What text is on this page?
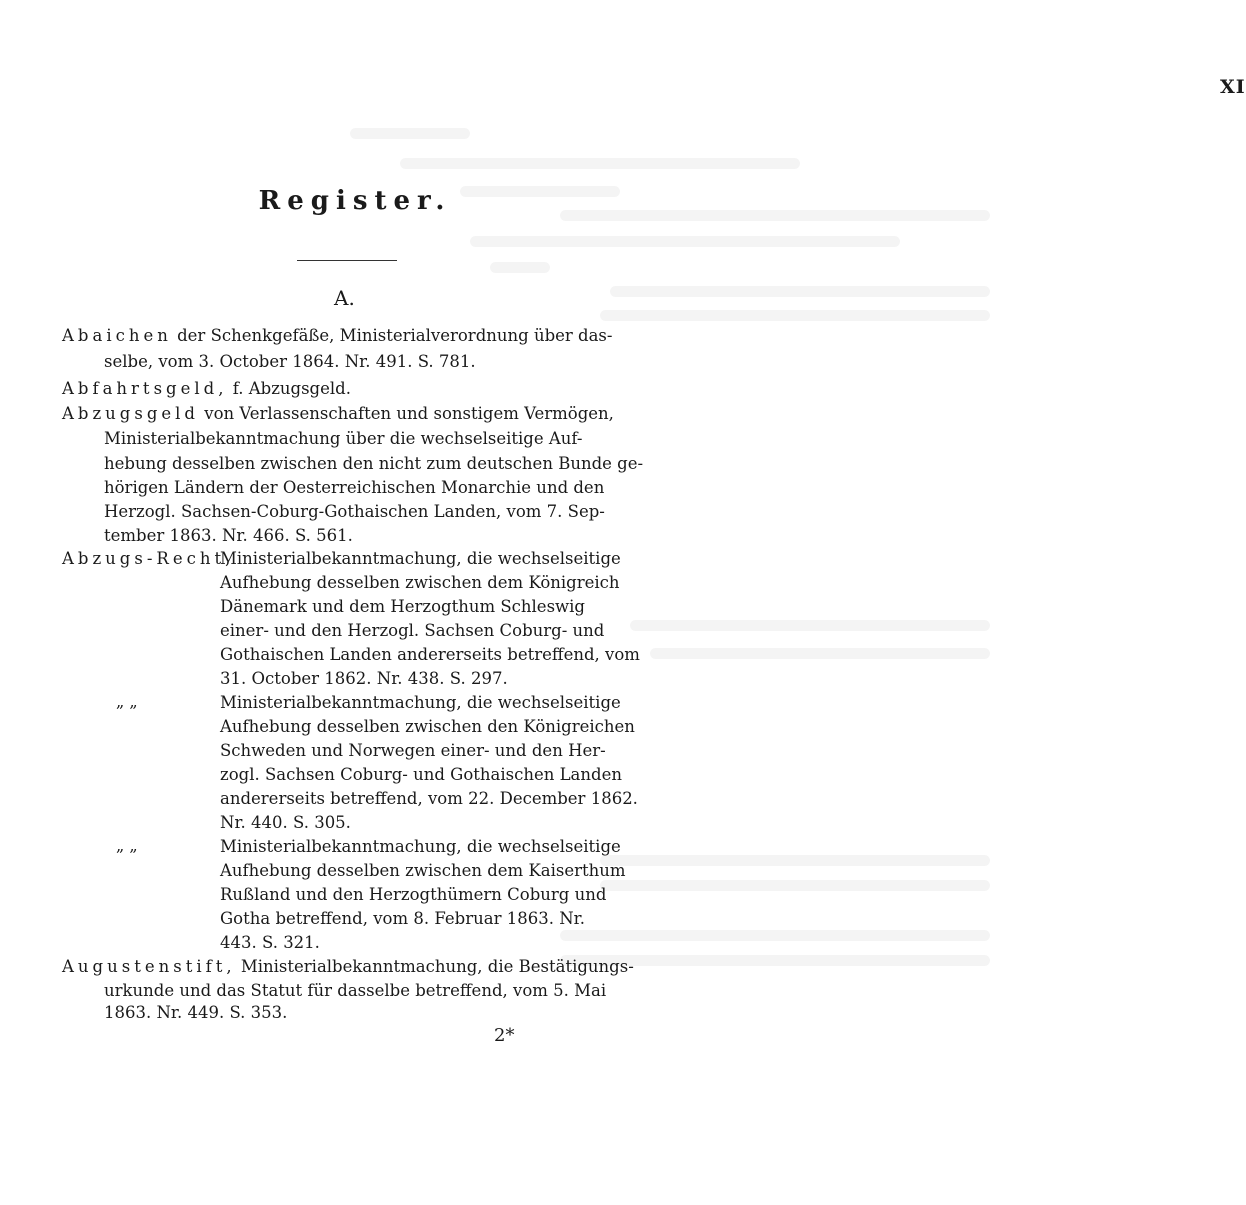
XI
Register.
A.
Abaichen der Schenkgefäße, Ministerialverordnung über das-
selbe, vom 3. October 1864. Nr. 491. S. 781.
Abfahrtsgeld, f. Abzugsgeld.
Abzugsgeld von Verlassenschaften und sonstigem Vermögen,
Ministerialbekanntmachung über die wechselseitige Auf-
hebung desselben zwischen den nicht zum deutschen Bunde ge-
hörigen Ländern der Oesterreichischen Monarchie und den
Herzogl. Sachsen-Coburg-Gothaischen Landen, vom 7. Sep-
tember 1863. Nr. 466. S. 561.
Abzugs-Recht,
Ministerialbekanntmachung, die wechselseitige
Aufhebung desselben zwischen dem Königreich
Dänemark und dem Herzogthum Schleswig
einer- und den Herzogl. Sachsen Coburg- und
Gothaischen Landen andererseits betreffend, vom
31. October 1862. Nr. 438. S. 297.
„ „	Ministerialbekanntmachung, die wechselseitige
Aufhebung desselben zwischen den Königreichen
Schweden und Norwegen einer- und den Her-
zogl. Sachsen Coburg- und Gothaischen Landen
andererseits betreffend, vom 22. December 1862.
Nr. 440. S. 305.
„ „	Ministerialbekanntmachung, die wechselseitige
Aufhebung desselben zwischen dem Kaiserthum
Rußland und den Herzogthümern Coburg und
Gotha betreffend, vom 8. Februar 1863. Nr.
443. S. 321.
Augustenstift, Ministerialbekanntmachung, die Bestätigungs-
urkunde und das Statut für dasselbe betreffend, vom 5. Mai
1863. Nr. 449. S. 353.
2*
